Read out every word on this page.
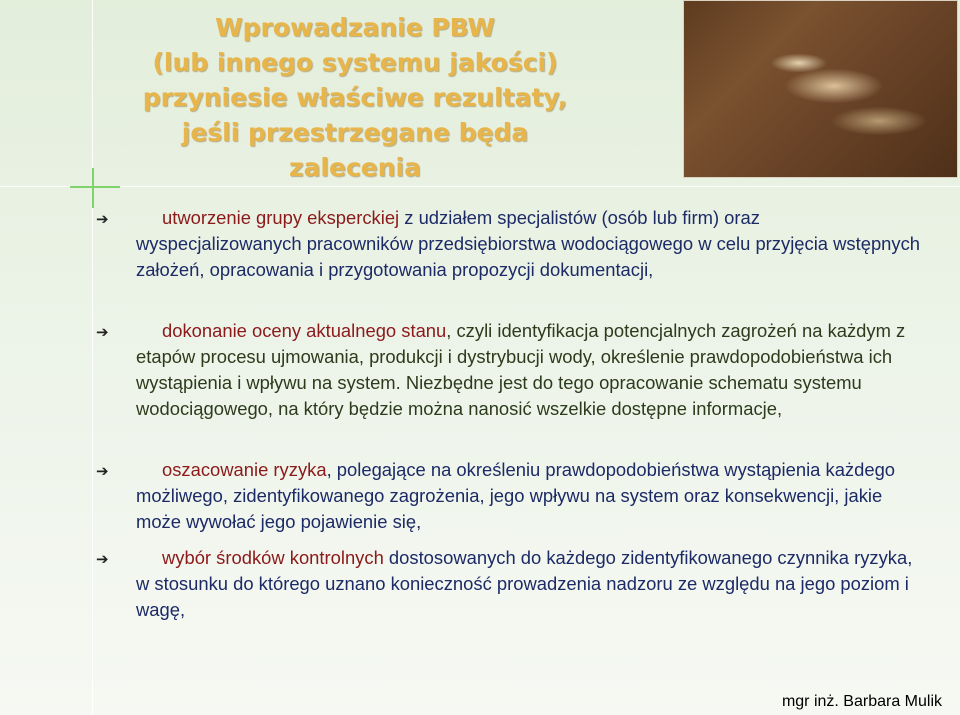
Wprowadzanie PBW
(lub innego systemu jakości)
przyniesie właściwe rezultaty,
jeśli przestrzegane będa
zalecenia
➔	utworzenie grupy eksperckiej z udziałem specjalistów (osób lub firm) oraz wyspecjalizowanych pracowników przedsiębiorstwa wodociągowego w celu przyjęcia wstępnych założeń, opracowania i przygotowania propozycji dokumentacji,
➔	dokonanie oceny aktualnego stanu, czyli identyfikacja potencjalnych zagrożeń na każdym z etapów procesu ujmowania, produkcji i dystrybucji wody, określenie prawdopodobieństwa ich wystąpienia i wpływu na system. Niezbędne jest do tego opracowanie schematu systemu wodociągowego, na który będzie można nanosić wszelkie dostępne informacje,
➔	oszacowanie ryzyka, polegające na określeniu prawdopodobieństwa wystąpienia każdego możliwego, zidentyfikowanego zagrożenia, jego wpływu na system oraz konsekwencji, jakie może wywołać jego pojawienie się,
➔	wybór środków kontrolnych dostosowanych do każdego zidentyfikowanego czynnika ryzyka, w stosunku do którego uznano konieczność prowadzenia nadzoru ze względu na jego poziom i wagę,
mgr inż. Barbara Mulik
